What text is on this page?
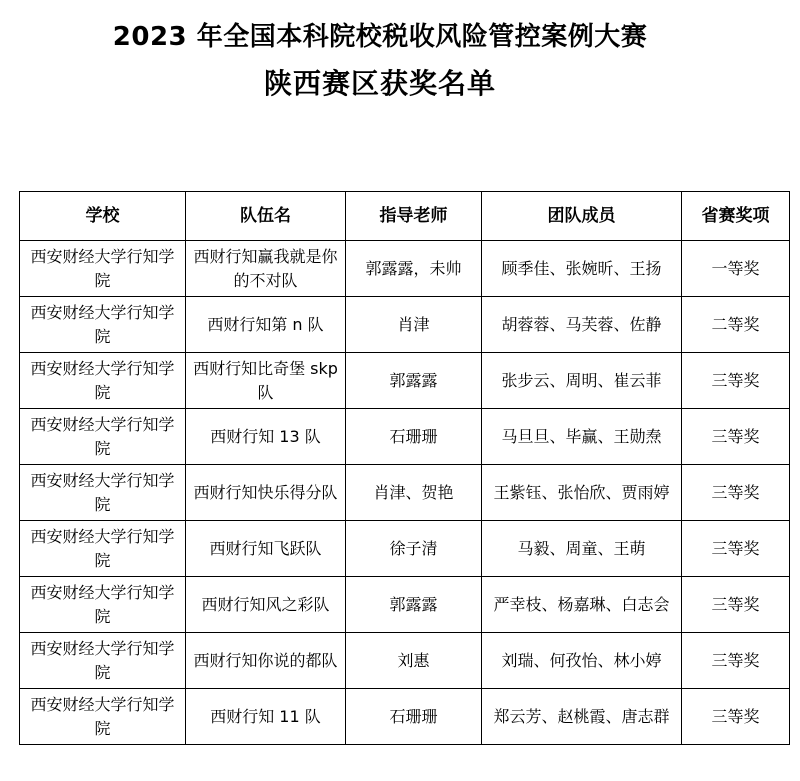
2023 年全国本科院校税收风险管控案例大赛
陕西赛区获奖名单
学校	队伍名	指导老师	团队成员	省赛奖项
西安财经大学行知学院	西财行知赢我就是你的不对队	郭露露，未帅	顾季佳、张婉昕、王扬	一等奖
西安财经大学行知学院	西财行知第 n 队	肖津	胡蓉蓉、马芙蓉、佐静	二等奖
西安财经大学行知学院	西财行知比奇堡 skp 队	郭露露	张步云、周明、崔云菲	三等奖
西安财经大学行知学院	西财行知 13 队	石珊珊	马旦旦、毕赢、王勋焘	三等奖
西安财经大学行知学院	西财行知快乐得分队	肖津、贺艳	王紫钰、张怡欣、贾雨婷	三等奖
西安财经大学行知学院	西财行知飞跃队	徐子清	马毅、周童、王萌	三等奖
西安财经大学行知学院	西财行知风之彩队	郭露露	严幸枝、杨嘉琳、白志会	三等奖
西安财经大学行知学院	西财行知你说的都队	刘惠	刘瑞、何孜怡、林小婷	三等奖
西安财经大学行知学院	西财行知 11 队	石珊珊	郑云芳、赵桃霞、唐志群	三等奖
